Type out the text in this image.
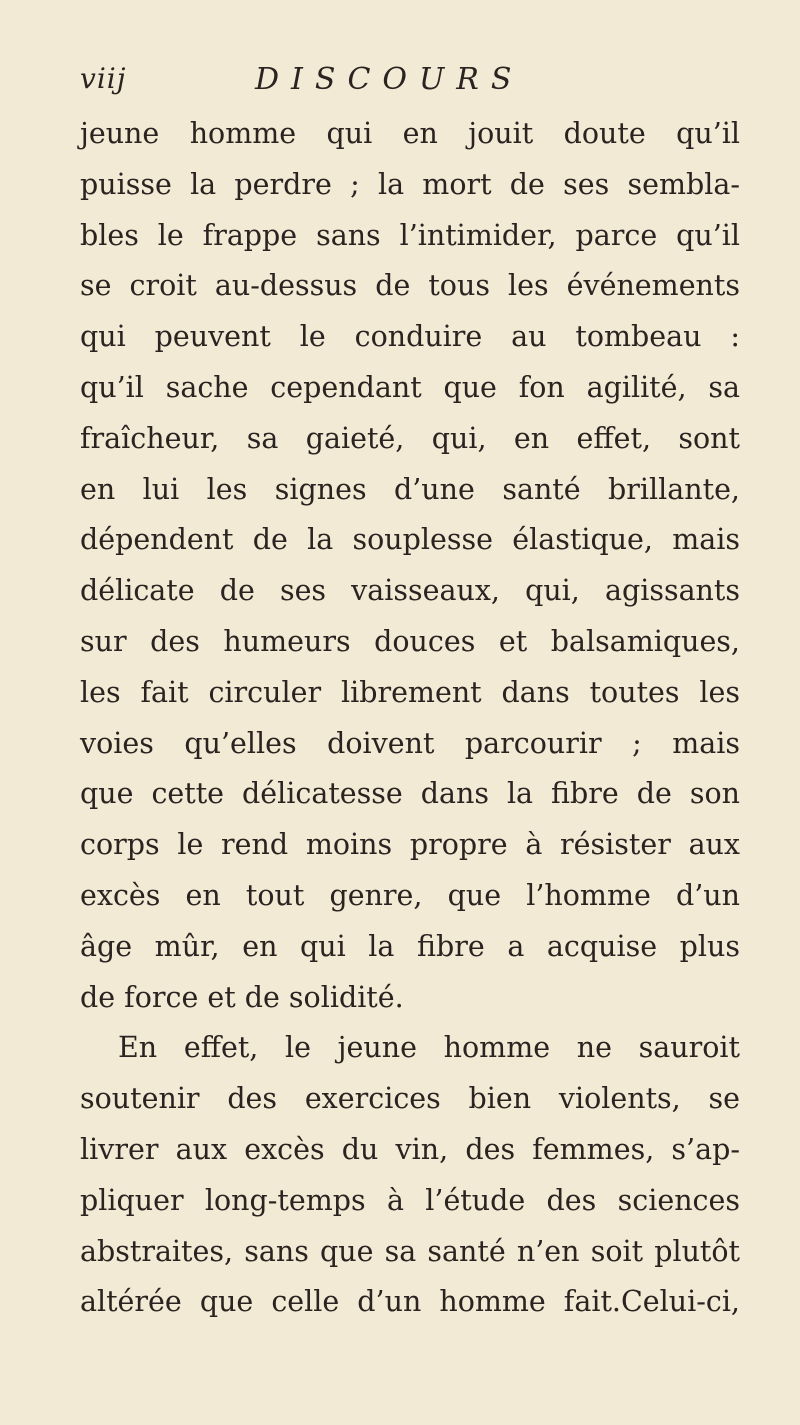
viij	DISCOURS
jeune homme qui en jouit doute qu’il
puisse la perdre ; la mort de ses sembla-
bles le frappe sans l’intimider, parce qu’il
se croit au-dessus de tous les événements
qui peuvent le conduire au tombeau :
qu’il sache cependant que fon agilité, sa
fraîcheur, sa gaieté, qui, en effet, sont
en lui les signes d’une santé brillante,
dépendent de la souplesse élastique, mais
délicate de ses vaisseaux, qui, agissants
sur des humeurs douces et balsamiques,
les fait circuler librement dans toutes les
voies qu’elles doivent parcourir ; mais
que cette délicatesse dans la fibre de son
corps le rend moins propre à résister aux
excès en tout genre, que l’homme d’un
âge mûr, en qui la fibre a acquise plus
de force et de solidité.
En effet, le jeune homme ne sauroit
soutenir des exercices bien violents, se
livrer aux excès du vin, des femmes, s’ap-
pliquer long-temps à l’étude des sciences
abstraites, sans que sa santé n’en soit plutôt
altérée que celle d’un homme fait.Celui-ci,
